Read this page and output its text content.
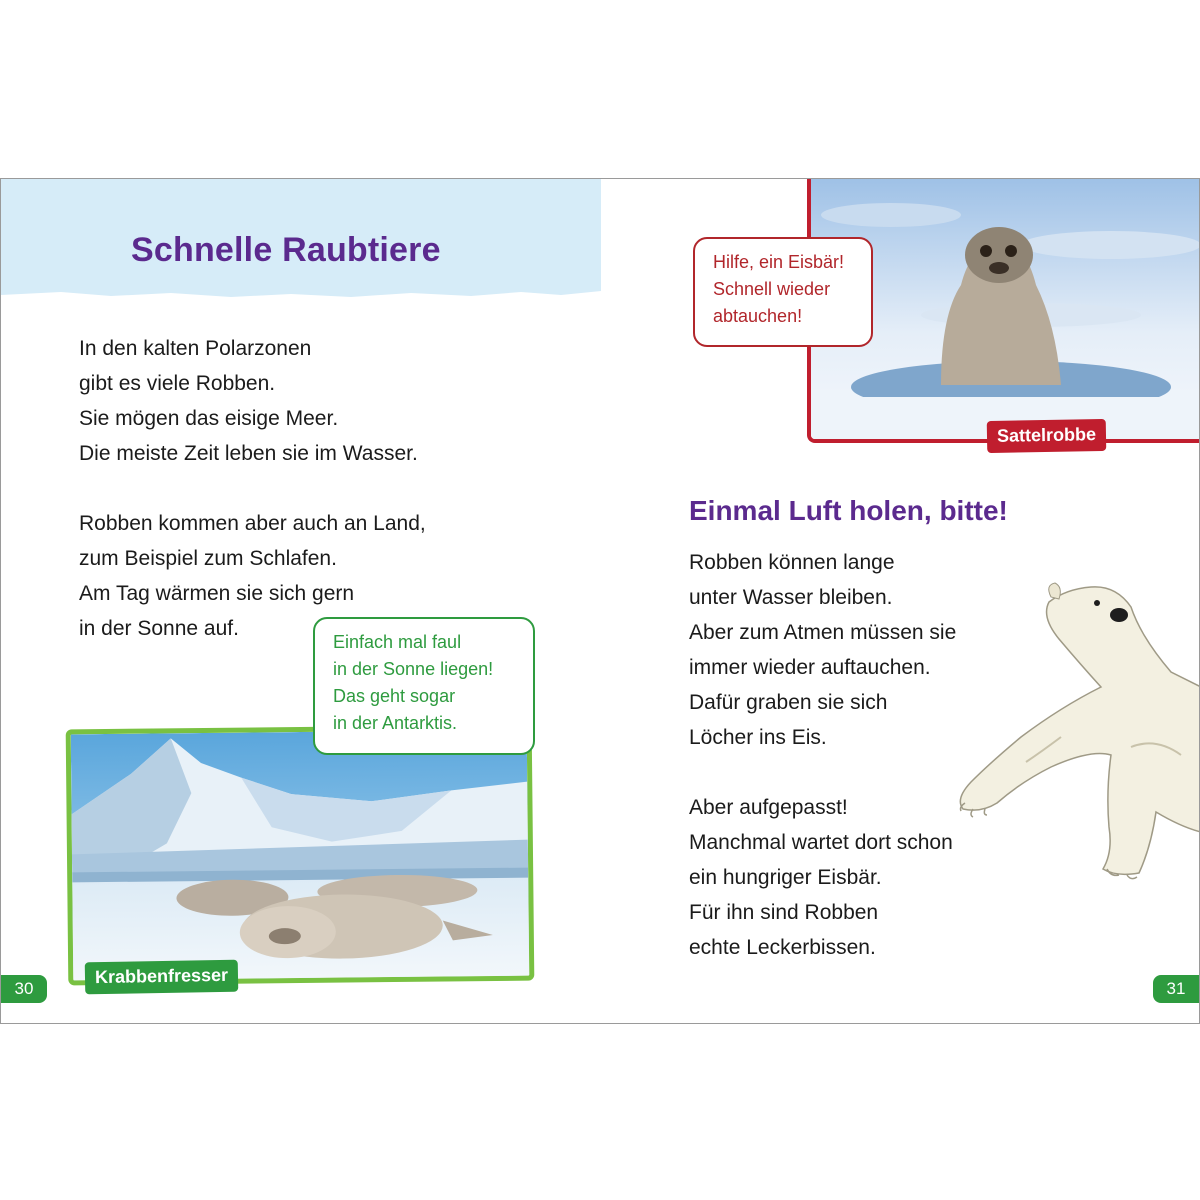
Schnelle Raubtiere

In den kalten Polarzonen

gibt es viele Robben.

Sie mögen das eisige Meer.

Die meiste Zeit leben sie im Wasser.

Robben kommen aber auch an Land,

zum Beispiel zum Schlafen.

Am Tag wärmen sie sich gern

in der Sonne auf.

Krabbenfresser

Einfach mal faul

in der Sonne liegen!

Das geht sogar

in der Antarktis.

30
Sattelrobbe

Hilfe, ein Eisbär!

Schnell wieder

abtauchen!

Einmal Luft holen, bitte!

Robben können lange

unter Wasser bleiben.

Aber zum Atmen müssen sie

immer wieder auftauchen.

Dafür graben sie sich

Löcher ins Eis.

Aber aufgepasst!

Manchmal wartet dort schon

ein hungriger Eisbär.

Für ihn sind Robben

echte Leckerbissen.

31
